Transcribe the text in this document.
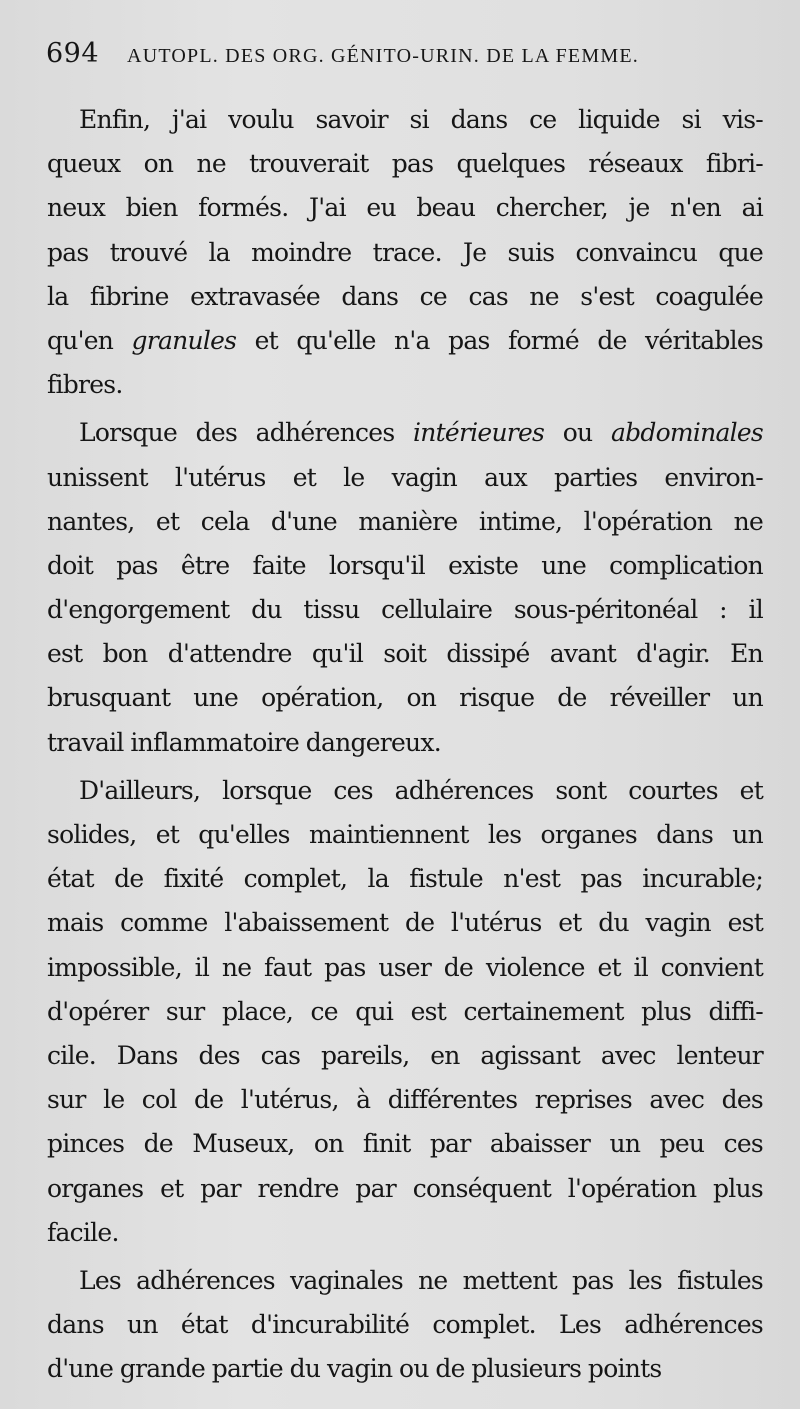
694 AUTOPL. DES ORG. GÉNITO-URIN. DE LA FEMME.
Enfin, j'ai voulu savoir si dans ce liquide si vis-
queux on ne trouverait pas quelques réseaux fibri-
neux bien formés. J'ai eu beau chercher, je n'en ai
pas trouvé la moindre trace. Je suis convaincu que
la fibrine extravasée dans ce cas ne s'est coagulée
qu'en granules et qu'elle n'a pas formé de véritables
fibres.
Lorsque des adhérences intérieures ou abdominales
unissent l'utérus et le vagin aux parties environ-
nantes, et cela d'une manière intime, l'opération ne
doit pas être faite lorsqu'il existe une complication
d'engorgement du tissu cellulaire sous-péritonéal : il
est bon d'attendre qu'il soit dissipé avant d'agir. En
brusquant une opération, on risque de réveiller un
travail inflammatoire dangereux.
D'ailleurs, lorsque ces adhérences sont courtes et
solides, et qu'elles maintiennent les organes dans un
état de fixité complet, la fistule n'est pas incurable;
mais comme l'abaissement de l'utérus et du vagin est
impossible, il ne faut pas user de violence et il convient
d'opérer sur place, ce qui est certainement plus diffi-
cile. Dans des cas pareils, en agissant avec lenteur
sur le col de l'utérus, à différentes reprises avec des
pinces de Museux, on finit par abaisser un peu ces
organes et par rendre par conséquent l'opération plus
facile.
Les adhérences vaginales ne mettent pas les fistules
dans un état d'incurabilité complet. Les adhérences
d'une grande partie du vagin ou de plusieurs points
